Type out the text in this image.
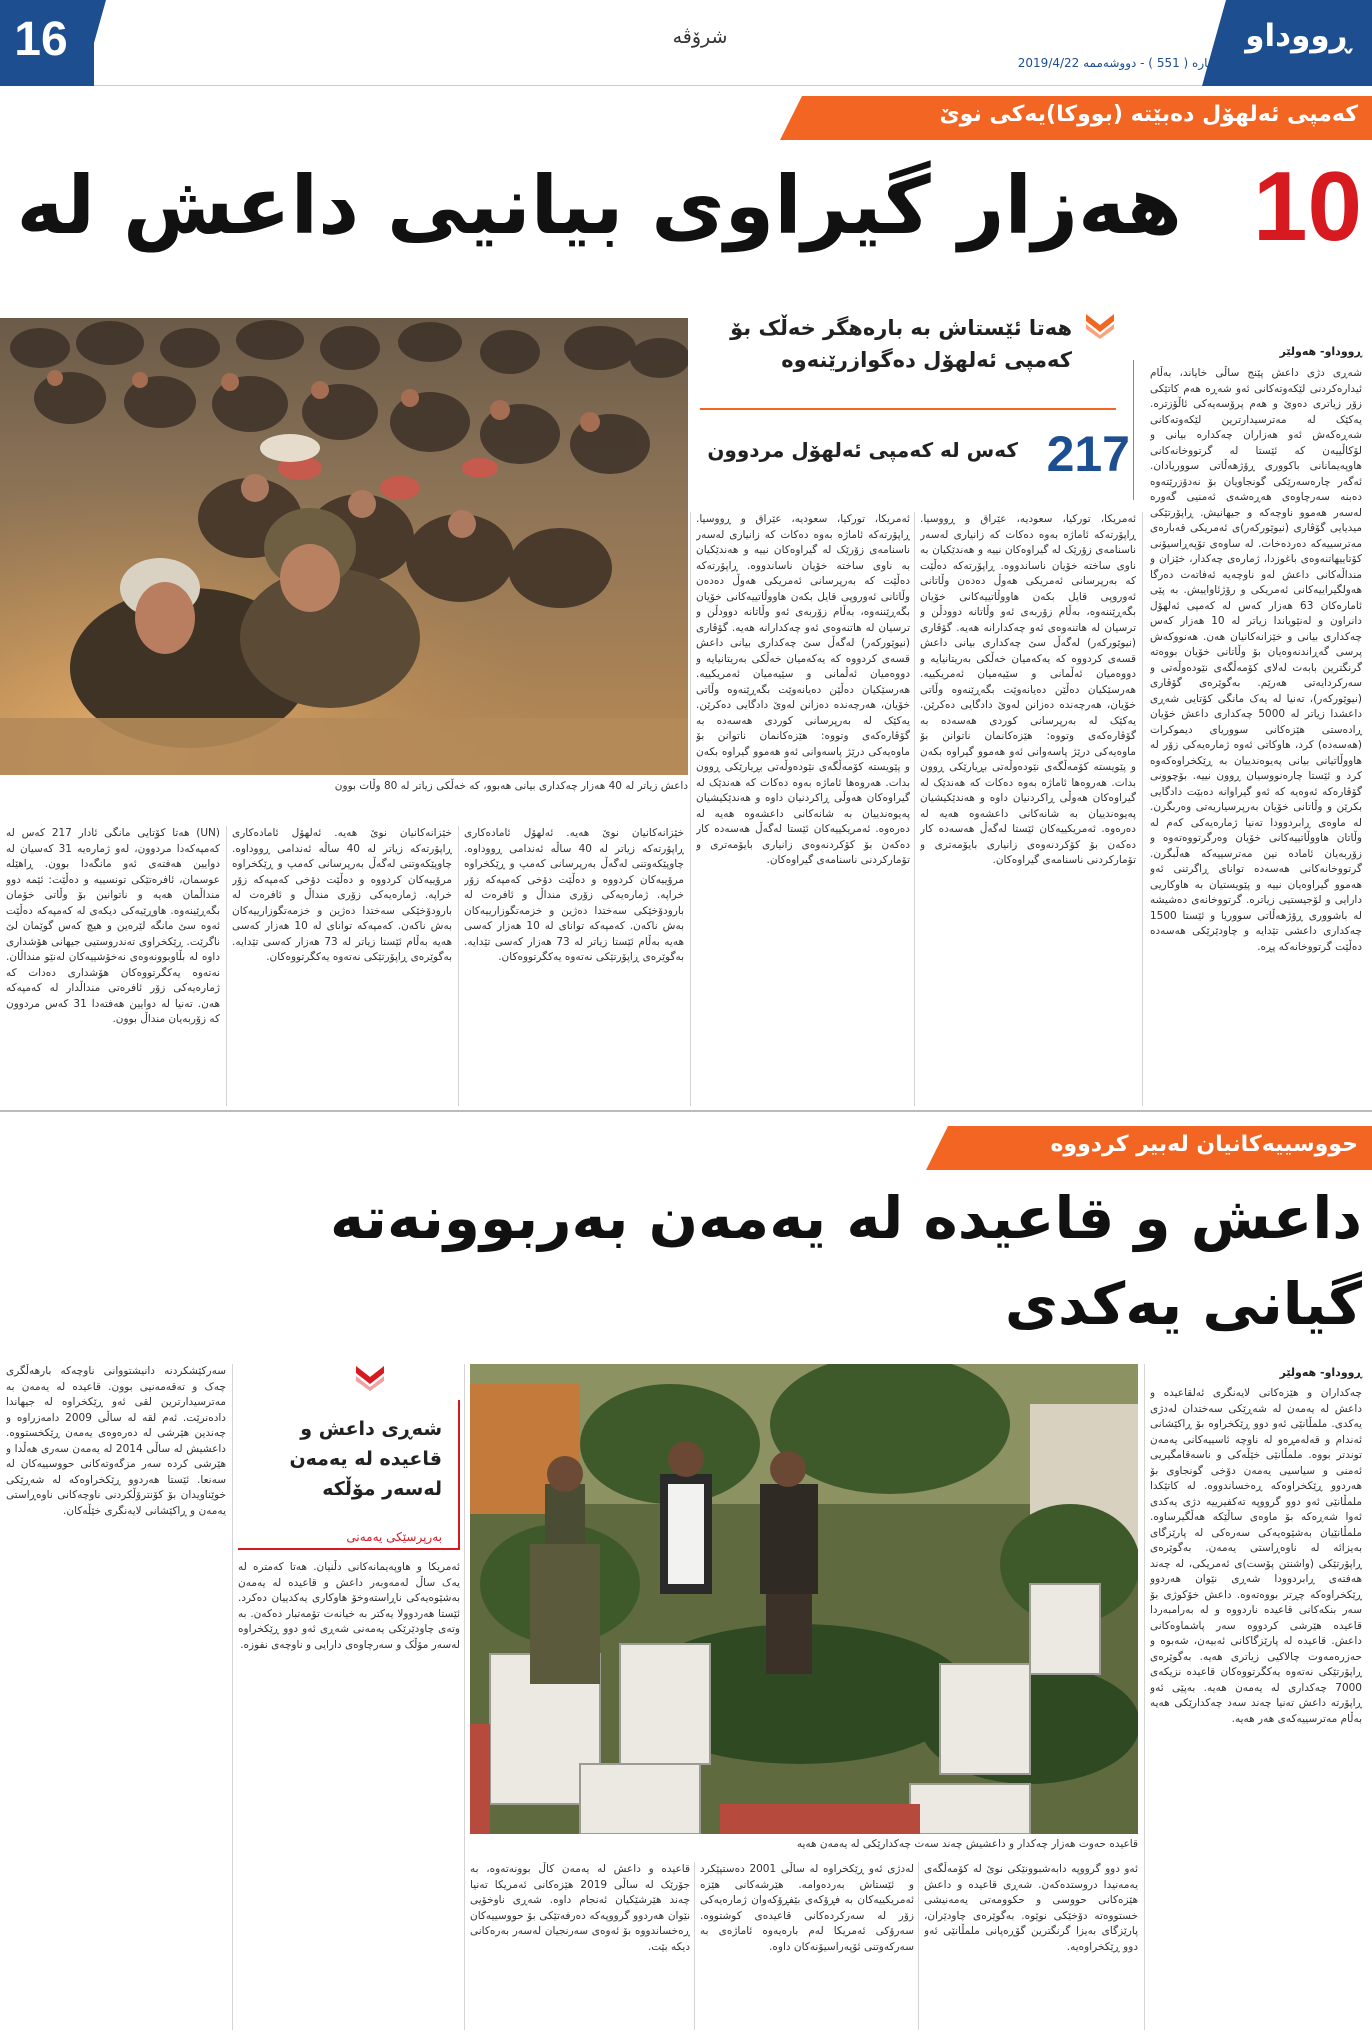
16	شرۆڤە
ژمارە ( 551 ) - دووشەممە 2019/4/22
ڕووداو
کەمپی ئەلهۆل دەبێتە (بووکا)یەکی نوێ
10
هەزار گیراوی بیانیی داعش لە
داعش زیاتر لە 40 هەزار چەکداری بیانی هەبوو، کە خەڵکی زیاتر لە 80 وڵات بوون
هەتا ئێستاش بە بارەهگر خەڵک بۆ کەمپی ئەلهۆل دەگوازرێنەوە
217
کەس لە کەمپی ئەلهۆل مردوون
ڕووداو- هەولێر
شەڕی دژی داعش پێنج ساڵی خایاند، بەڵام ئیدارەکردنی لێکەوتەکانی ئەو شەڕە هەم کاتێکی زۆر زیاتری دەوێ و هەم پرۆسەیەکی ئاڵۆزترە. یەکێک لە مەترسیدارترین لێکەوتەکانی شەڕەکەش ئەو هەزاران چەکدارە بیانی و لۆکاڵییەن کە ئێستا لە گرتووخانەکانی هاوپەیمانانی باکووری ڕۆژهەڵاتی سووریادان. ئەگەر چارەسەرێکی گونجاویان بۆ نەدۆزرێتەوە دەبنە سەرچاوەی هەڕەشەی ئەمنیی گەورە لەسەر هەموو ناوچەکە و جیهانیش. ڕاپۆرتێکی میدیایی گۆڤاری (نیوێورکەر)ی ئەمریکی قەبارەی مەترسییەکە دەردەخات. لە ساوەی تۆپەڕاسیۆنی کۆتاییهاتنەوەی باغوزدا، ژمارەی چەکدار، خێزان و منداڵەکانی داعش لەو ناوچەیە ئەفاتەت دەرگا هەولگیراییەکانی ئەمریکی و رۆژئاواییش. بە پێی ئامارەکان 63 هەزار کەس لە کەمپی ئەلهۆل دانراون و لەنێویاندا زیاتر لە 10 هەزار کەس چەکداری بیانی و خێزانەکانیان هەن. هەنووکەش پرسی گەڕاندنەوەیان بۆ وڵاتانی خۆیان بووەتە گرنگترین بابەت لەلای کۆمەڵگەی نێودەوڵەتی و سەرکردایەتی هەرێم. بەگوێرەی گۆڤاری (نیوێورکەر)، تەنیا لە یەک مانگی کۆتایی شەڕی داعشدا زیاتر لە 5000 چەکداری داعش خۆیان ڕادەستی هێزەکانی سووریای دیموکرات (هەسەدە) کرد، هاوکاتی ئەوە ژمارەیەکی زۆر لە هاووڵاتیانی بیانی پەیوەندییان بە ڕێکخراوەکەوە کرد و ئێستا چارەنووسیان ڕوون نییە. بۆچوونی گۆڤارەکە ئەوەیە کە ئەو گیراوانە دەبێت دادگایی بکرێن و وڵاتانی خۆیان بەرپرسیاریەتی وەربگرن. لە ماوەی ڕابردوودا تەنیا ژمارەیەکی کەم لە وڵاتان هاووڵاتییەکانی خۆیان وەرگرتووەتەوە و زۆربەیان ئامادە نین مەترسییەکە هەڵبگرن. گرتووخانەکانی هەسەدە توانای ڕاگرتنی ئەو هەموو گیراوەیان نییە و پێویستیان بە هاوکاریی دارایی و لۆجیستیی زیاترە. گرتووخانەی دەشیشە لە باشووری ڕۆژهەڵاتی سووریا و ئێستا 1500 چەکداری داعشی تێدایە و چاودێرێکی هەسەدە دەڵێت گرتووخانەکە پڕە.
ئەمریکا، تورکیا، سعودیە، عێراق و ڕووسیا. ڕاپۆرتەکە ئاماژە بەوە دەکات کە زانیاری لەسەر ناسنامەی زۆرێک لە گیراوەکان نییە و هەندێکیان بە ناوی ساختە خۆیان ناساندووە. ڕاپۆرتەکە دەڵێت کە بەرپرسانی ئەمریکی هەوڵ دەدەن وڵاتانی ئەوروپی قایل بکەن هاووڵاتییەکانی خۆیان بگەڕێننەوە، بەڵام زۆربەی ئەو وڵاتانە دوودڵن و ترسیان لە هاتنەوەی ئەو چەکدارانە هەیە. گۆڤاری (نیوێورکەر) لەگەڵ سێ چەکداری بیانی داعش قسەی کردووە کە یەکەمیان خەڵکی بەریتانیایە و دووەمیان ئەڵمانی و سێیەمیان ئەمریکییە. هەرسێکیان دەڵێن دەیانەوێت بگەڕێنەوە وڵاتی خۆیان، هەرچەندە دەزانن لەوێ دادگایی دەکرێن. یەکێک لە بەرپرسانی کوردی هەسەدە بە گۆڤارەکەی وتووە: هێزەکانمان ناتوانن بۆ ماوەیەکی درێژ پاسەوانی ئەو هەموو گیراوە بکەن و پێویستە کۆمەڵگەی نێودەوڵەتی بڕیارێکی ڕوون بدات. هەروەها ئاماژە بەوە دەکات کە هەندێک لە گیراوەکان هەوڵی ڕاکردنیان داوە و هەندێکیشیان پەیوەندییان بە شانەکانی داعشەوە هەیە لە دەرەوە. ئەمریکییەکان ئێستا لەگەڵ هەسەدە کار دەکەن بۆ کۆکردنەوەی زانیاری بایۆمەتری و تۆمارکردنی ناسنامەی گیراوەکان.
ئەمریکا، تورکیا، سعودیە، عێراق و ڕووسیا. ڕاپۆرتەکە ئاماژە بەوە دەکات کە زانیاری لەسەر ناسنامەی زۆرێک لە گیراوەکان نییە و هەندێکیان بە ناوی ساختە خۆیان ناساندووە. ڕاپۆرتەکە دەڵێت کە بەرپرسانی ئەمریکی هەوڵ دەدەن وڵاتانی ئەوروپی قایل بکەن هاووڵاتییەکانی خۆیان بگەڕێننەوە، بەڵام زۆربەی ئەو وڵاتانە دوودڵن و ترسیان لە هاتنەوەی ئەو چەکدارانە هەیە. گۆڤاری (نیوێورکەر) لەگەڵ سێ چەکداری بیانی داعش قسەی کردووە کە یەکەمیان خەڵکی بەریتانیایە و دووەمیان ئەڵمانی و سێیەمیان ئەمریکییە. هەرسێکیان دەڵێن دەیانەوێت بگەڕێنەوە وڵاتی خۆیان، هەرچەندە دەزانن لەوێ دادگایی دەکرێن. یەکێک لە بەرپرسانی کوردی هەسەدە بە گۆڤارەکەی وتووە: هێزەکانمان ناتوانن بۆ ماوەیەکی درێژ پاسەوانی ئەو هەموو گیراوە بکەن و پێویستە کۆمەڵگەی نێودەوڵەتی بڕیارێکی ڕوون بدات. هەروەها ئاماژە بەوە دەکات کە هەندێک لە گیراوەکان هەوڵی ڕاکردنیان داوە و هەندێکیشیان پەیوەندییان بە شانەکانی داعشەوە هەیە لە دەرەوە. ئەمریکییەکان ئێستا لەگەڵ هەسەدە کار دەکەن بۆ کۆکردنەوەی زانیاری بایۆمەتری و تۆمارکردنی ناسنامەی گیراوەکان.
خێزانەکانیان نوێ هەیە. ئەلهۆل ئامادەکاری ڕاپۆرتەکە زیاتر لە 40 ساڵە ئەندامی ڕووداوە. چاوپێکەوتنی لەگەڵ بەرپرسانی کەمپ و ڕێکخراوە مرۆییەکان کردووە و دەڵێت دۆخی کەمپەکە زۆر خراپە. ژمارەیەکی زۆری منداڵ و ئافرەت لە بارودۆخێکی سەختدا دەژین و خزمەتگوزارییەکان بەش ناکەن. کەمپەکە توانای لە 10 هەزار کەسی هەیە بەڵام ئێستا زیاتر لە 73 هەزار کەسی تێدایە. بەگوێرەی ڕاپۆرتێکی نەتەوە یەکگرتووەکان.
خێزانەکانیان نوێ هەیە. ئەلهۆل ئامادەکاری ڕاپۆرتەکە زیاتر لە 40 ساڵە ئەندامی ڕووداوە. چاوپێکەوتنی لەگەڵ بەرپرسانی کەمپ و ڕێکخراوە مرۆییەکان کردووە و دەڵێت دۆخی کەمپەکە زۆر خراپە. ژمارەیەکی زۆری منداڵ و ئافرەت لە بارودۆخێکی سەختدا دەژین و خزمەتگوزارییەکان بەش ناکەن. کەمپەکە توانای لە 10 هەزار کەسی هەیە بەڵام ئێستا زیاتر لە 73 هەزار کەسی تێدایە. بەگوێرەی ڕاپۆرتێکی نەتەوە یەکگرتووەکان.
(UN) هەتا کۆتایی مانگی ئادار 217 کەس لە کەمپەکەدا مردوون، لەو ژمارەیە 31 کەسیان لە دوایین هەفتەی ئەو مانگەدا بوون. ڕاهێلە عوسمان، ئافرەتێکی تونسییە و دەڵێت: ئێمە دوو منداڵمان هەیە و ناتوانین بۆ وڵاتی خۆمان بگەڕێینەوە. هاوڕێیەکی دیکەی لە کەمپەکە دەڵێت ئەوە سێ مانگە لێرەین و هیچ کەس گوێمان لێ ناگرێت. ڕێکخراوی تەندروستیی جیهانی هۆشداری داوە لە بڵاوبوونەوەی نەخۆشییەکان لەنێو منداڵان. نەتەوە یەکگرتووەکان هۆشداری دەدات کە ژمارەیەکی زۆر ئافرەتی منداڵدار لە کەمپەکە هەن. تەنیا لە دوایین هەفتەدا 31 کەس مردوون کە زۆربەیان منداڵ بوون.
حووسییەکانیان لەبیر کردووە
داعش و قاعیدە لە یەمەن بەربوونەتە
گیانی یەکدی
قاعیدە حەوت هەزار چەکدار و داعشیش چەند سەت چەکدارێکی لە یەمەن هەیە
شەڕی داعش و قاعیدە لە یەمەن لەسەر مۆڵکە
بەرپرسێکی یەمەنی
ڕووداو- هەولێر
چەکداران و هێزەکانی لایەنگری ئەلقاعیدە و داعش لە یەمەن لە شەڕێکی سەختدان لەدژی یەکدی. ملمڵانێی ئەو دوو ڕێکخراوە بۆ ڕاکێشانی ئەندام و قەلەمڕەو لە ناوچە ئاسییەکانی یەمەن توندتر بووە. ملمڵانێی خێڵەکی و ناسەقامگیریی ئەمنی و سیاسیی یەمەن دۆخی گونجاوی بۆ هەردوو ڕێکخراوەکە ڕەخساندووە. لە کاتێکدا ملمڵانێی ئەو دوو گرووپە تەکفیرییە دژی یەکدی ئەوا شەڕەکە بۆ ماوەی ساڵێکە هەڵگیرساوە. ملمڵانێیان بەشێوەیەکی سەرەکی لە پارێزگای بەیزائە لە ناوەڕاستی یەمەن. بەگوێرەی ڕاپۆرتێکی (واشنتن پۆست)ی ئەمریکی، لە چەند هەفتەی ڕابردوودا شەڕی نێوان هەردوو ڕێکخراوەکە چڕتر بووەتەوە. داعش خۆکوژی بۆ سەر بنکەکانی قاعیدە ناردووە و لە بەرامبەردا قاعیدە هێرشی کردووە سەر پاشماوەکانی داعش. قاعیدە لە پارێزگاکانی ئەبیەن، شەبوە و حەزرەمەوت چالاکیی زیاتری هەیە. بەگوێرەی ڕاپۆرتێکی نەتەوە یەکگرتووەکان قاعیدە نزیکەی 7000 چەکداری لە یەمەن هەیە. بەپێی ئەو ڕاپۆرتە داعش تەنیا چەند سەد چەکدارێکی هەیە بەڵام مەترسییەکەی هەر هەیە.
ئەو دوو گرووپە دابەشبوونێکی نوێ لە کۆمەڵگەی یەمەنیدا دروستدەکەن. شەڕی قاعیدە و داعش هێزەکانی حووسی و حکوومەتی یەمەنیشی خستووەتە دۆخێکی نوێوە. بەگوێرەی چاودێران، پارێزگای بەیزا گرنگترین گۆڕەپانی ملمڵانێی ئەو دوو ڕێکخراوەیە.
لەدژی ئەو ڕێکخراوە لە ساڵی 2001 دەستپێکرد و ئێستاش بەردەوامە. هێرشەکانی هێزە ئەمریکییەکان بە فڕۆکەی بێفڕۆکەوان ژمارەیەکی زۆر لە سەرکردەکانی قاعیدەی کوشتووە. سەرۆکی ئەمریکا لەم بارەیەوە ئاماژەی بە سەرکەوتنی ئۆپەراسیۆنەکان داوە.
قاعیدە و داعش لە یەمەن کاڵ بوونەتەوە، بە جۆرێک لە ساڵی 2019 هێزەکانی ئەمریکا تەنیا چەند هێرشێکیان ئەنجام داوە. شەڕی ناوخۆیی نێوان هەردوو گرووپەکە دەرفەتێکی بۆ حووسییەکان ڕەخساندووە بۆ ئەوەی سەرنجیان لەسەر بەرەکانی دیکە بێت.
ئەمریکا و هاوپەیمانەکانی دڵنیان. هەتا کەمترە لە یەک ساڵ لەمەوبەر داعش و قاعیدە لە یەمەن بەشێوەیەکی ناڕاستەوخۆ هاوکاری یەکدییان دەکرد. ئێستا هەردوولا یەکتر بە خیانەت تۆمەتبار دەکەن. بە وتەی چاودێرێکی یەمەنی شەڕی ئەو دوو ڕێکخراوە لەسەر مۆڵک و سەرچاوەی دارایی و ناوچەی نفوزە.
سەرکێشکردنە دانیشتووانی ناوچەکە بارهەڵگری چەک و تەقەمەنیی بوون. قاعیدە لە یەمەن بە مەترسیدارترین لقی ئەو ڕێکخراوە لە جیهاندا دادەنرێت. ئەم لقە لە ساڵی 2009 دامەزراوە و چەندین هێرشی لە دەرەوەی یەمەن ڕێکخستووە. داعشیش لە ساڵی 2014 لە یەمەن سەری هەڵدا و هێرشی کردە سەر مزگەوتەکانی حووسییەکان لە سەنعا. ئێستا هەردوو ڕێکخراوەکە لە شەڕێکی خوێناویدان بۆ کۆنترۆڵکردنی ناوچەکانی ناوەڕاستی یەمەن و ڕاکێشانی لایەنگری خێڵەکان.
